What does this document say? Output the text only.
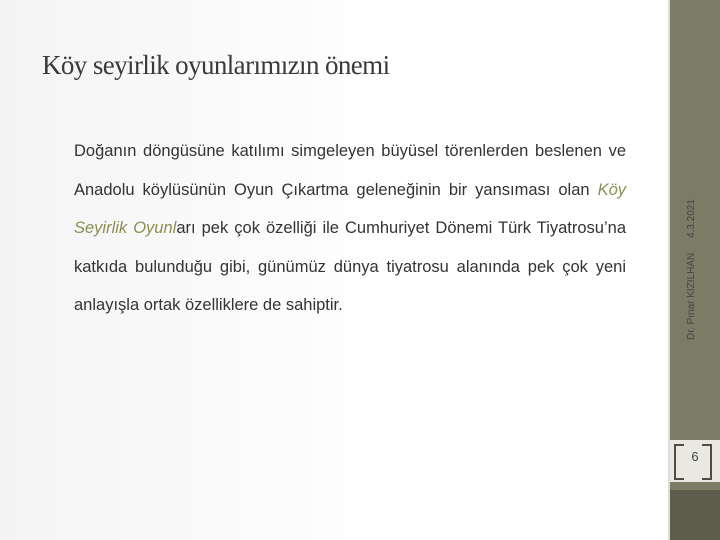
Köy seyirlik oyunlarımızın önemi

Doğanın döngüsüne katılımı simgeleyen büyüsel törenlerden beslenen ve Anadolu köylüsünün Oyun Çıkartma geleneğinin bir yansıması olan Köy Seyirlik Oyunları pek çok özelliği ile Cumhuriyet Dönemi Türk Tiyatrosu’na katkıda bulunduğu gibi, günümüz dünya tiyatrosu alanında pek çok yeni anlayışla ortak özelliklere de sahiptir.

4.3.2021
Dr. Pınar KIZILHAN
6
